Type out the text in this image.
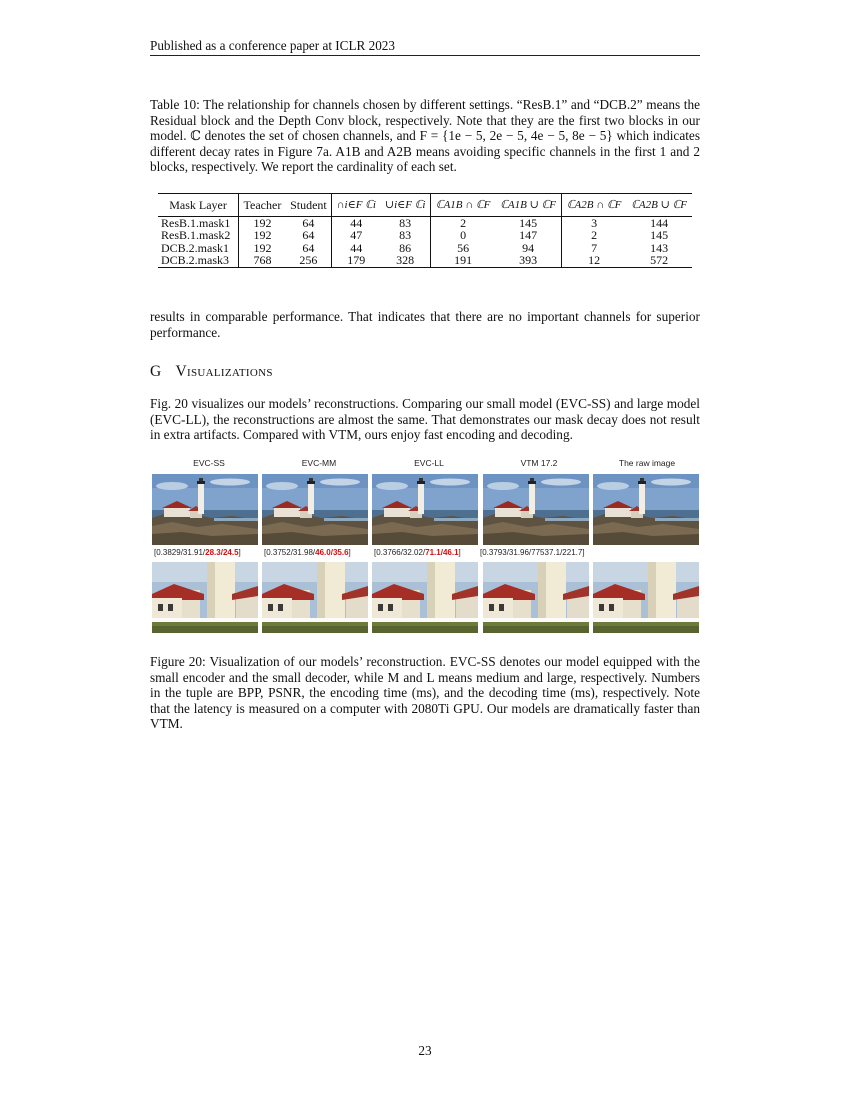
Published as a conference paper at ICLR 2023
Table 10: The relationship for channels chosen by different settings. “ResB.1” and “DCB.2” means the Residual block and the Depth Conv block, respectively. Note that they are the first two blocks in our model. ℂ denotes the set of chosen channels, and F = {1e − 5, 2e − 5, 4e − 5, 8e − 5} which indicates different decay rates in Figure 7a. A1B and A2B means avoiding specific channels in the first 1 and 2 blocks, respectively. We report the cardinality of each set.
Mask Layer	Teacher	Student	∩i∈F ℂi	∪i∈F ℂi	ℂA1B ∩ ℂF	ℂA1B ∪ ℂF	ℂA2B ∩ ℂF	ℂA2B ∪ ℂF
ResB.1.mask1	192	64	44	83	2	145	3	144
ResB.1.mask2	192	64	47	83	0	147	2	145
DCB.2.mask1	192	64	44	86	56	94	7	143
DCB.2.mask3	768	256	179	328	191	393	12	572
results in comparable performance. That indicates that there are no important channels for superior performance.
G Visualizations
Fig. 20 visualizes our models’ reconstructions. Comparing our small model (EVC-SS) and large model (EVC-LL), the reconstructions are almost the same. That demonstrates our mask decay does not result in extra artifacts. Compared with VTM, ours enjoy fast encoding and decoding.
EVC-SS	EVC-MM	EVC-LL	VTM 17.2	The raw image
[0.3829/31.91/28.3/24.5]	[0.3752/31.98/46.0/35.6]	[0.3766/32.02/71.1/46.1] [0.3793/31.96/77537.1/221.7]
Figure 20: Visualization of our models’ reconstruction. EVC-SS denotes our model equipped with the small encoder and the small decoder, while M and L means medium and large, respectively. Numbers in the tuple are BPP, PSNR, the encoding time (ms), and the decoding time (ms), respectively. Note that the latency is measured on a computer with 2080Ti GPU. Our models are dramatically faster than VTM.
23
